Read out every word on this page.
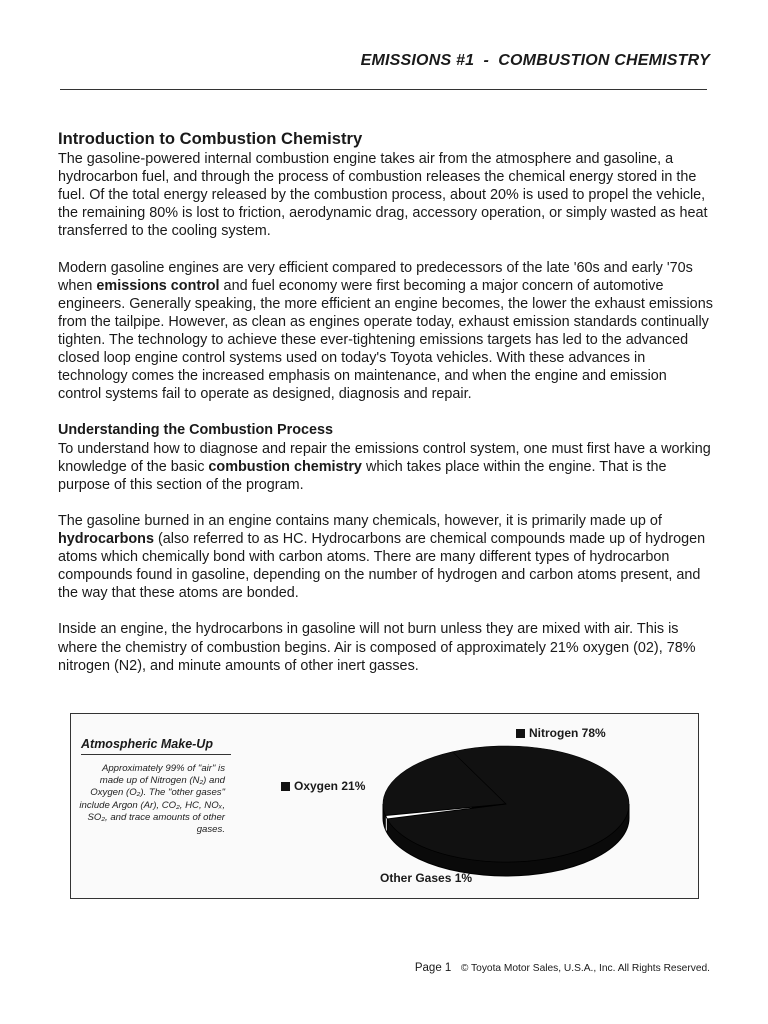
EMISSIONS #1  -  COMBUSTION CHEMISTRY
Introduction to Combustion Chemistry

The gasoline-powered internal combustion engine takes air from the atmosphere and gasoline, a hydrocarbon fuel, and through the process of combustion releases the chemical energy stored in the fuel. Of the total energy released by the combustion process, about 20% is used to propel the vehicle, the remaining 80% is lost to friction, aerodynamic drag, accessory operation, or simply wasted as heat transferred to the cooling system.

Modern gasoline engines are very efficient compared to predecessors of the late '60s and early '70s when emissions control and fuel economy were first becoming a major concern of automotive engineers. Generally speaking, the more efficient an engine becomes, the lower the exhaust emissions from the tailpipe. However, as clean as engines operate today, exhaust emission standards continually tighten. The technology to achieve these ever-tightening emissions targets has led to the advanced closed loop engine control systems used on today's Toyota vehicles. With these advances in technology comes the increased emphasis on maintenance, and when the engine and emission control systems fail to operate as designed, diagnosis and repair.

Understanding the Combustion Process

To understand how to diagnose and repair the emissions control system, one must first have a working knowledge of the basic combustion chemistry which takes place within the engine. That is the purpose of this section of the program.

The gasoline burned in an engine contains many chemicals, however, it is primarily made up of hydrocarbons (also referred to as HC. Hydrocarbons are chemical compounds made up of hydrogen atoms which chemically bond with carbon atoms. There are many different types of hydrocarbon compounds found in gasoline, depending on the number of hydrogen and carbon atoms present, and the way that these atoms are bonded.

Inside an engine, the hydrocarbons in gasoline will not burn unless they are mixed with air. This is where the chemistry of combustion begins. Air is composed of approximately 21% oxygen (02), 78% nitrogen (N2), and minute amounts of other inert gasses.

Atmospheric Make-Up
Approximately 99% of "air" is made up of Nitrogen (N₂) and Oxygen (O₂). The "other gases" include Argon (Ar), CO₂, HC, NOₓ, SO₂, and trace amounts of other gases.
Nitrogen 78%
Oxygen 21%
Other Gases 1%
Page 1 © Toyota Motor Sales, U.S.A., Inc. All Rights Reserved.
